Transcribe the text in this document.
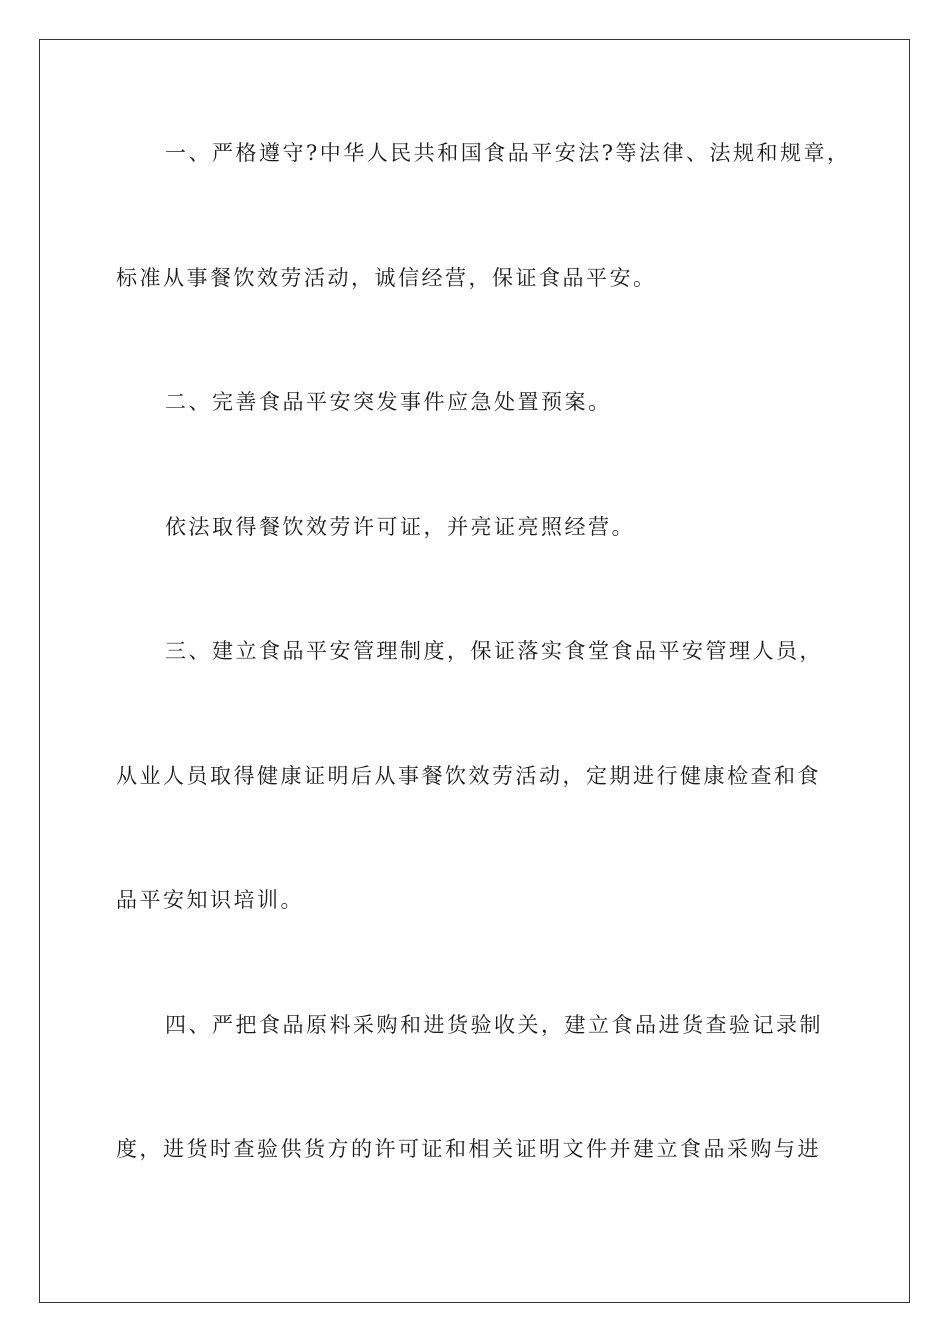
一、严格遵守?中华人民共和国食品平安法?等法律、法规和规章，
标准从事餐饮效劳活动，诚信经营，保证食品平安。
二、完善食品平安突发事件应急处置预案。
依法取得餐饮效劳许可证，并亮证亮照经营。
三、建立食品平安管理制度，保证落实食堂食品平安管理人员，
从业人员取得健康证明后从事餐饮效劳活动，定期进行健康检查和食
品平安知识培训。
四、严把食品原料采购和进货验收关，建立食品进货查验记录制
度，进货时查验供货方的许可证和相关证明文件并建立食品采购与进
